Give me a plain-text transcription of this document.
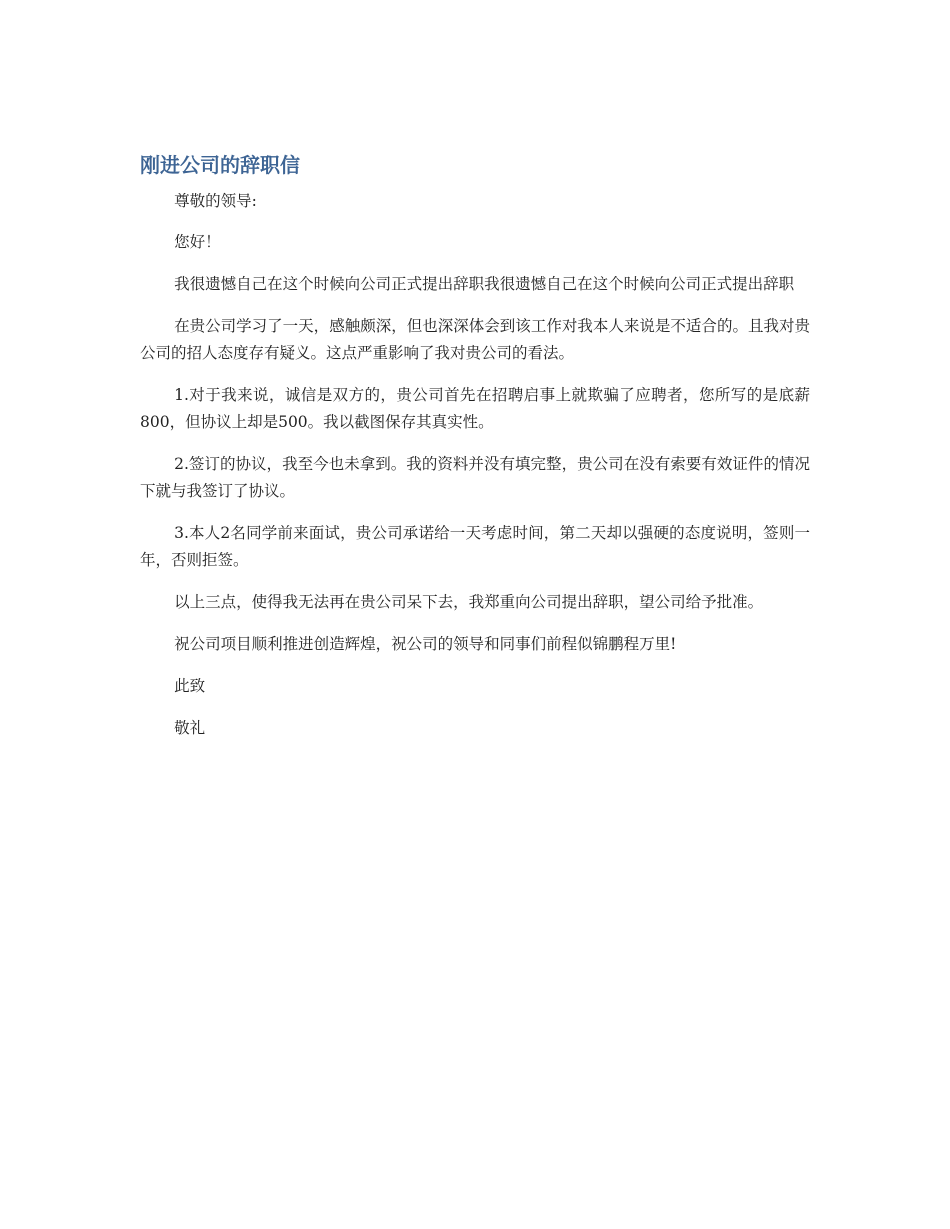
刚进公司的辞职信

尊敬的领导:

您好！

我很遗憾自己在这个时候向公司正式提出辞职我很遗憾自己在这个时候向公司正式提出辞职

在贵公司学习了一天，感触颇深，但也深深体会到该工作对我本人来说是不适合的。且我对贵公司的招人态度存有疑义。这点严重影响了我对贵公司的看法。

1.对于我来说，诚信是双方的，贵公司首先在招聘启事上就欺骗了应聘者，您所写的是底薪800，但协议上却是500。我以截图保存其真实性。

2.签订的协议，我至今也未拿到。我的资料并没有填完整，贵公司在没有索要有效证件的情况下就与我签订了协议。

3.本人2名同学前来面试，贵公司承诺给一天考虑时间，第二天却以强硬的态度说明，签则一年，否则拒签。

以上三点，使得我无法再在贵公司呆下去，我郑重向公司提出辞职，望公司给予批准。

祝公司项目顺利推进创造辉煌，祝公司的领导和同事们前程似锦鹏程万里!

此致

敬礼
